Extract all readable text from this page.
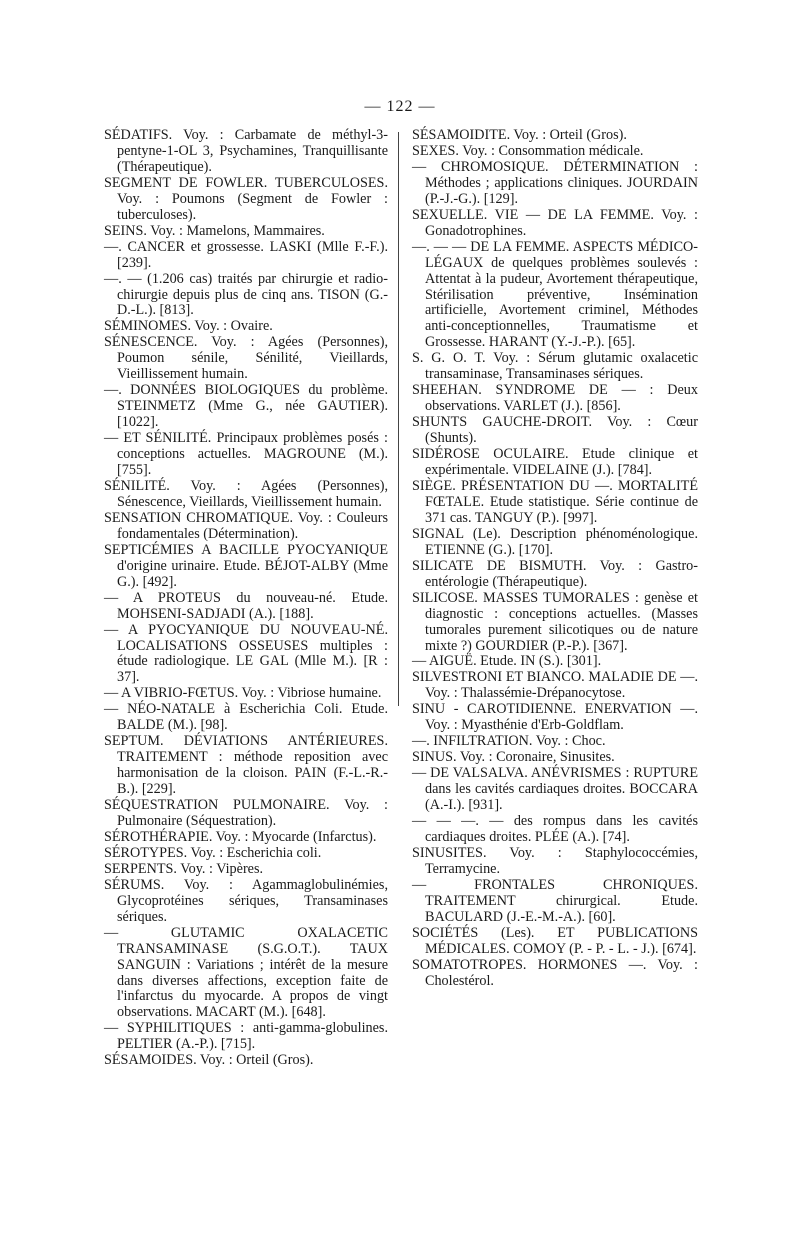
— 122 —

SÉDATIFS. Voy. : Carbamate de méthyl-3-pentyne-1-OL 3, Psychamines, Tranquillisante (Thérapeutique).

SEGMENT DE FOWLER. TUBERCULOSES. Voy. : Poumons (Segment de Fowler : tuberculoses).

SEINS. Voy. : Mamelons, Mammaires.

—. CANCER et grossesse. LASKI (Mlle F.-F.). [239].

—. — (1.206 cas) traités par chirurgie et radio-chirurgie depuis plus de cinq ans. TISON (G.-D.-L.). [813].

SÉMINOMES. Voy. : Ovaire.

SÉNESCENCE. Voy. : Agées (Personnes), Poumon sénile, Sénilité, Vieillards, Vieillissement humain.

—. DONNÉES BIOLOGIQUES du problème. STEINMETZ (Mme G., née GAUTIER). [1022].

— ET SÉNILITÉ. Principaux problèmes posés : conceptions actuelles. MAGROUNE (M.). [755].

SÉNILITÉ. Voy. : Agées (Personnes), Sénescence, Vieillards, Vieillissement humain.

SENSATION CHROMATIQUE. Voy. : Couleurs fondamentales (Détermination).

SEPTICÉMIES A BACILLE PYOCYANIQUE d'origine urinaire. Etude. BÉJOT-ALBY (Mme G.). [492].

— A PROTEUS du nouveau-né. Etude. MOHSENI-SADJADI (A.). [188].

— A PYOCYANIQUE DU NOUVEAU-NÉ. LOCALISATIONS OSSEUSES multiples : étude radiologique. LE GAL (Mlle M.). [R : 37].

— A VIBRIO-FŒTUS. Voy. : Vibriose humaine.

— NÉO-NATALE à Escherichia Coli. Etude. BALDE (M.). [98].

SEPTUM. DÉVIATIONS ANTÉRIEURES. TRAITEMENT : méthode reposition avec harmonisation de la cloison. PAIN (F.-L.-R.-B.). [229].

SÉQUESTRATION PULMONAIRE. Voy. : Pulmonaire (Séquestration).

SÉROTHÉRAPIE. Voy. : Myocarde (Infarctus).

SÉROTYPES. Voy. : Escherichia coli.

SERPENTS. Voy. : Vipères.

SÉRUMS. Voy. : Agammaglobulinémies, Glycoprotéines sériques, Transaminases sériques.

— GLUTAMIC OXALACETIC TRANSAMINASE (S.G.O.T.). TAUX SANGUIN : Variations ; intérêt de la mesure dans diverses affections, exception faite de l'infarctus du myocarde. A propos de vingt observations. MACART (M.). [648].

— SYPHILITIQUES : anti-gamma-globulines. PELTIER (A.-P.). [715].

SÉSAMOIDES. Voy. : Orteil (Gros).

SÉSAMOIDITE. Voy. : Orteil (Gros).

SEXES. Voy. : Consommation médicale.

— CHROMOSIQUE. DÉTERMINATION : Méthodes ; applications cliniques. JOURDAIN (P.-J.-G.). [129].

SEXUELLE. VIE — DE LA FEMME. Voy. : Gonadotrophines.

—. — — DE LA FEMME. ASPECTS MÉDICO-LÉGAUX de quelques problèmes soulevés : Attentat à la pudeur, Avortement thérapeutique, Stérilisation préventive, Insémination artificielle, Avortement criminel, Méthodes anti-conceptionnelles, Traumatisme et Grossesse. HARANT (Y.-J.-P.). [65].

S. G. O. T. Voy. : Sérum glutamic oxalacetic transaminase, Transaminases sériques.

SHEEHAN. SYNDROME DE — : Deux observations. VARLET (J.). [856].

SHUNTS GAUCHE-DROIT. Voy. : Cœur (Shunts).

SIDÉROSE OCULAIRE. Etude clinique et expérimentale. VIDELAINE (J.). [784].

SIÈGE. PRÉSENTATION DU —. MORTALITÉ FŒTALE. Etude statistique. Série continue de 371 cas. TANGUY (P.). [997].

SIGNAL (Le). Description phénoménologique. ETIENNE (G.). [170].

SILICATE DE BISMUTH. Voy. : Gastro-entérologie (Thérapeutique).

SILICOSE. MASSES TUMORALES : genèse et diagnostic : conceptions actuelles. (Masses tumorales purement silicotiques ou de nature mixte ?) GOURDIER (P.-P.). [367].

— AIGUË. Etude. IN (S.). [301].

SILVESTRONI ET BIANCO. MALADIE DE —. Voy. : Thalassémie-Drépanocytose.

SINU - CAROTIDIENNE. ENERVATION —. Voy. : Myasthénie d'Erb-Goldflam.

—. INFILTRATION. Voy. : Choc.

SINUS. Voy. : Coronaire, Sinusites.

— DE VALSALVA. ANÉVRISMES : RUPTURE dans les cavités cardiaques droites. BOCCARA (A.-I.). [931].

— — —. — des rompus dans les cavités cardiaques droites. PLÉE (A.). [74].

SINUSITES. Voy. : Staphylococcémies, Terramycine.

— FRONTALES CHRONIQUES. TRAITEMENT chirurgical. Etude. BACULARD (J.-E.-M.-A.). [60].

SOCIÉTÉS (Les). ET PUBLICATIONS MÉDICALES. COMOY (P. - P. - L. - J.). [674].

SOMATOTROPES. HORMONES —. Voy. : Cholestérol.
